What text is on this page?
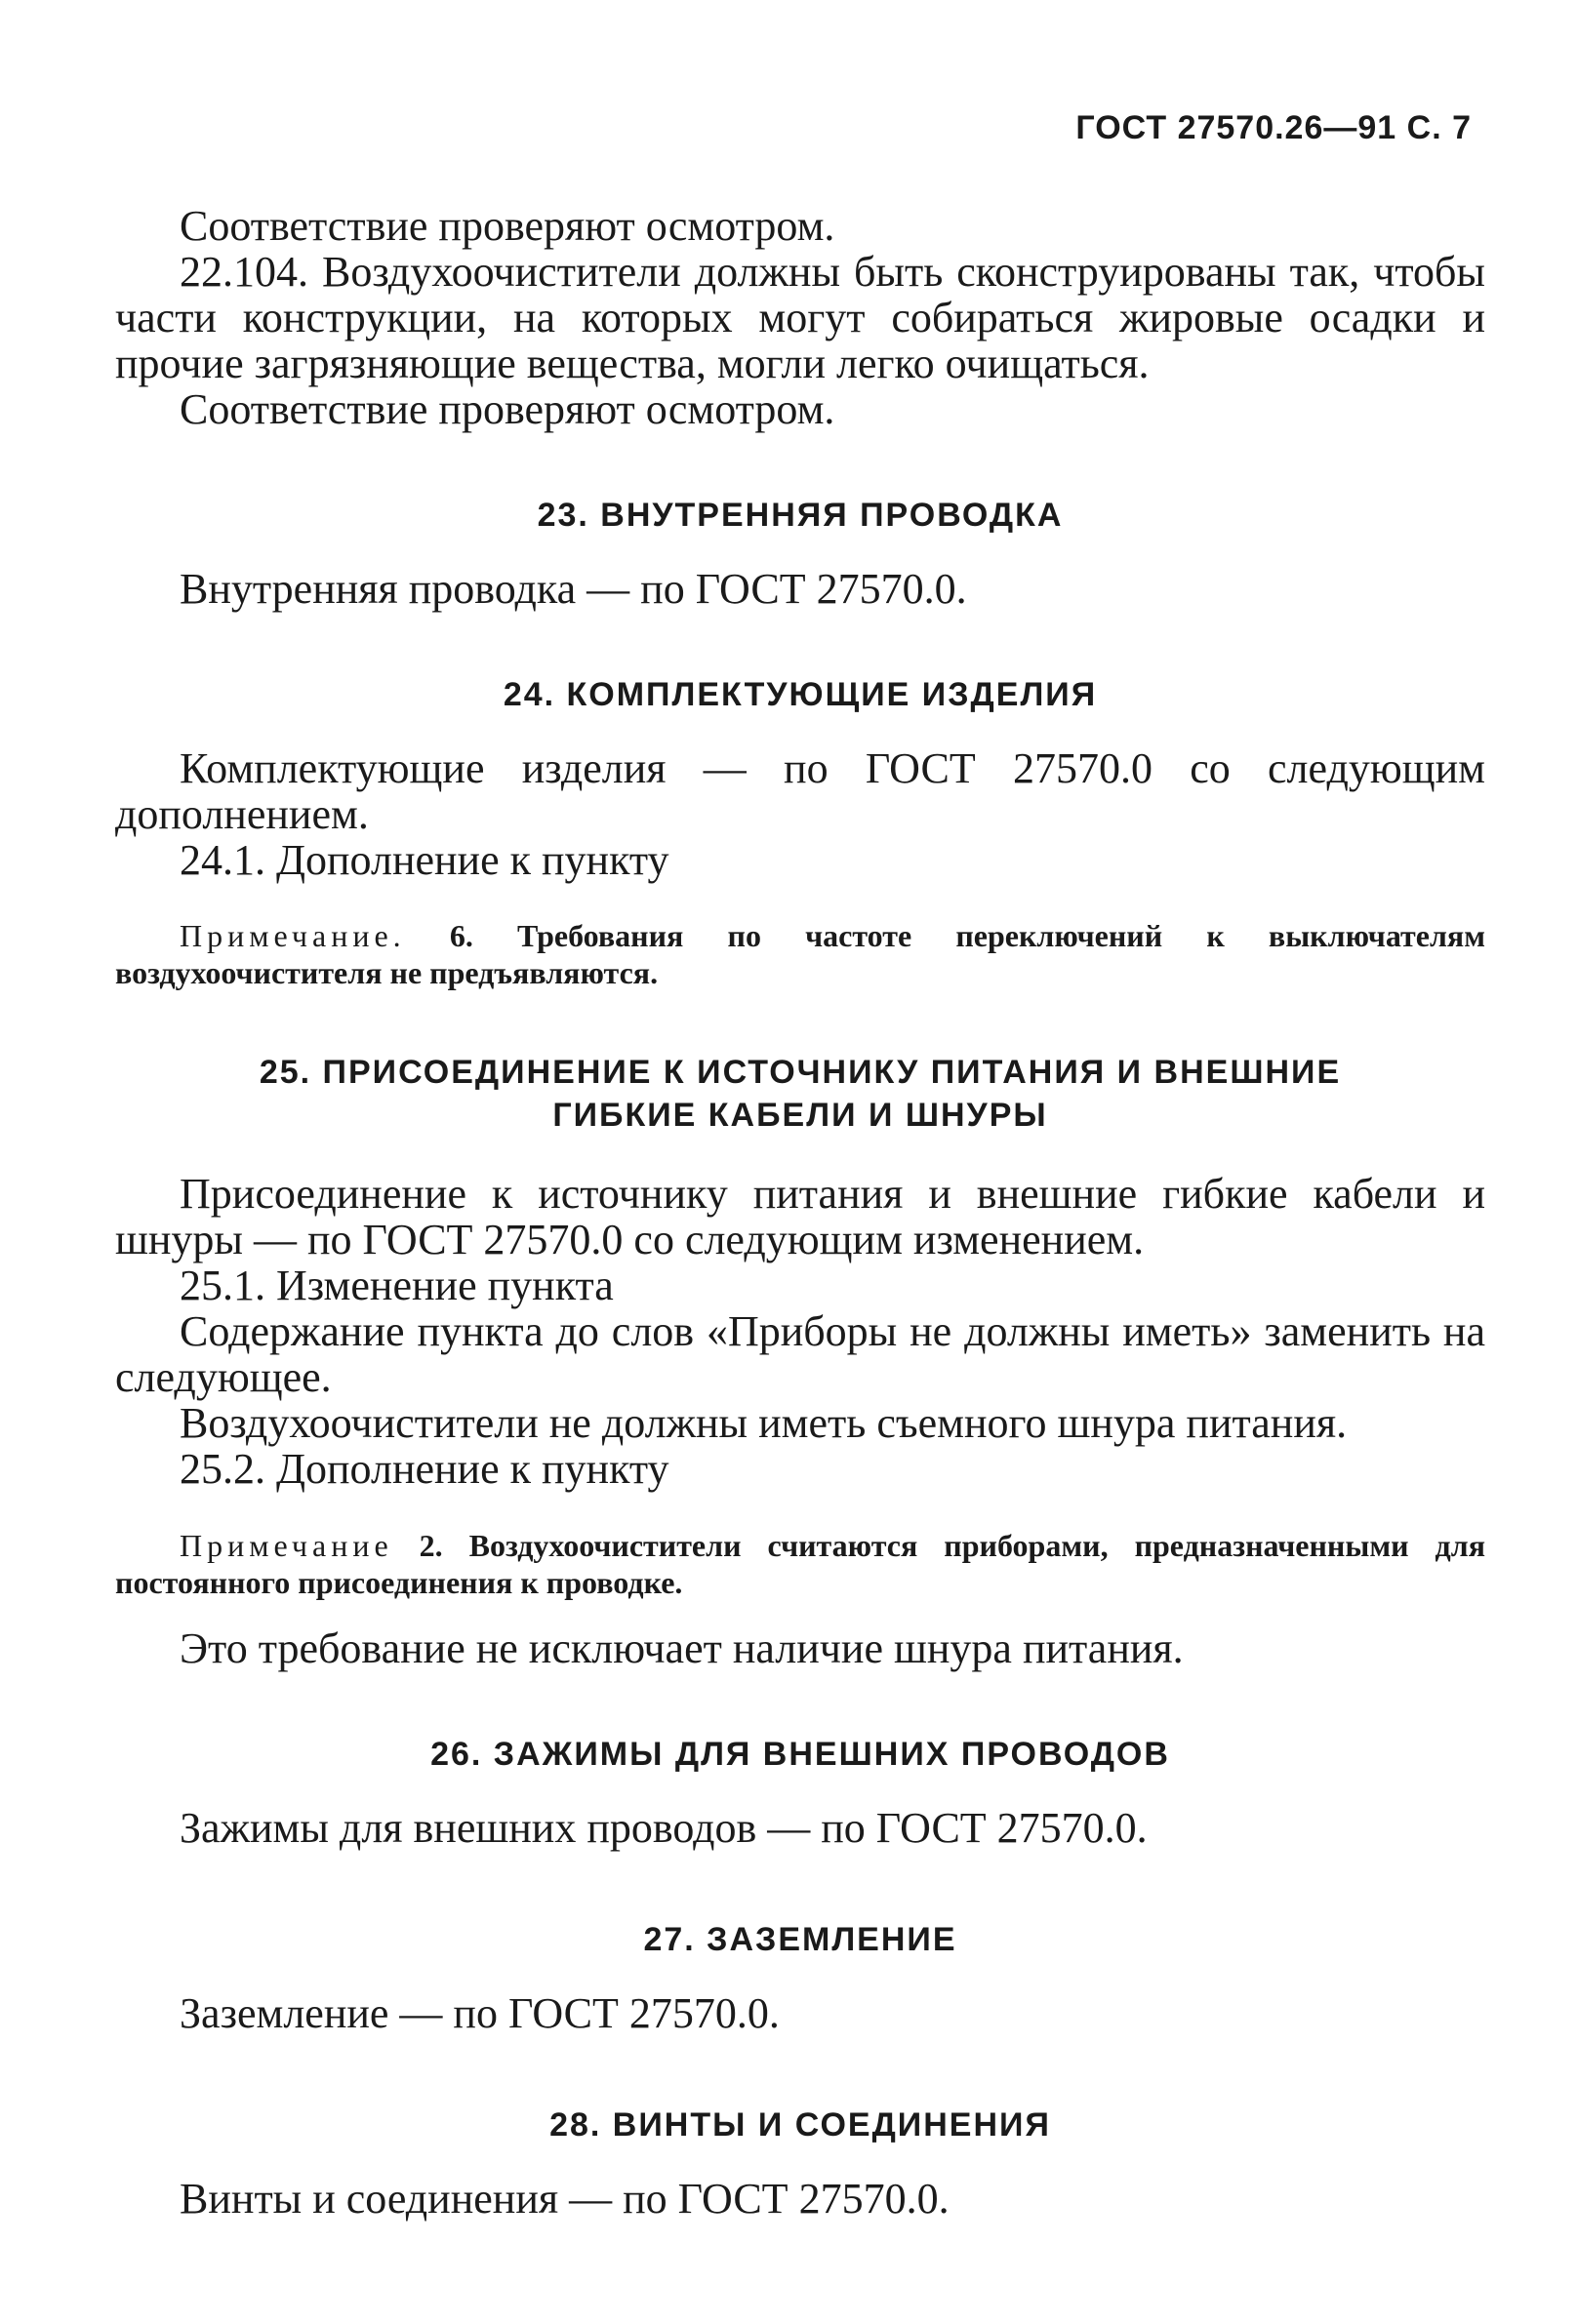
ГОСТ 27570.26—91 С. 7

Соответствие проверяют осмотром.

22.104. Воздухоочистители должны быть сконструированы так, чтобы части конструкции, на которых могут собираться жировые осадки и прочие загрязняющие вещества, могли легко очищаться.

Соответствие проверяют осмотром.

23. ВНУТРЕННЯЯ ПРОВОДКА

Внутренняя проводка — по ГОСТ 27570.0.

24. КОМПЛЕКТУЮЩИЕ ИЗДЕЛИЯ

Комплектующие изделия — по ГОСТ 27570.0 со следующим дополнением.

24.1. Дополнение к пункту

Примечание. 6. Требования по частоте переключений к выключателям воздухоочистителя не предъявляются.

25. ПРИСОЕДИНЕНИЕ К ИСТОЧНИКУ ПИТАНИЯ И ВНЕШНИЕ
ГИБКИЕ КАБЕЛИ И ШНУРЫ

Присоединение к источнику питания и внешние гибкие кабели и шнуры — по ГОСТ 27570.0 со следующим изменением.

25.1. Изменение пункта

Содержание пункта до слов «Приборы не должны иметь» заменить на следующее.

Воздухоочистители не должны иметь съемного шнура питания.

25.2. Дополнение к пункту

Примечание 2. Воздухоочистители считаются приборами, предназначенными для постоянного присоединения к проводке.

Это требование не исключает наличие шнура питания.

26. ЗАЖИМЫ ДЛЯ ВНЕШНИХ ПРОВОДОВ

Зажимы для внешних проводов — по ГОСТ 27570.0.

27. ЗАЗЕМЛЕНИЕ

Заземление — по ГОСТ 27570.0.

28. ВИНТЫ И СОЕДИНЕНИЯ

Винты и соединения — по ГОСТ 27570.0.
